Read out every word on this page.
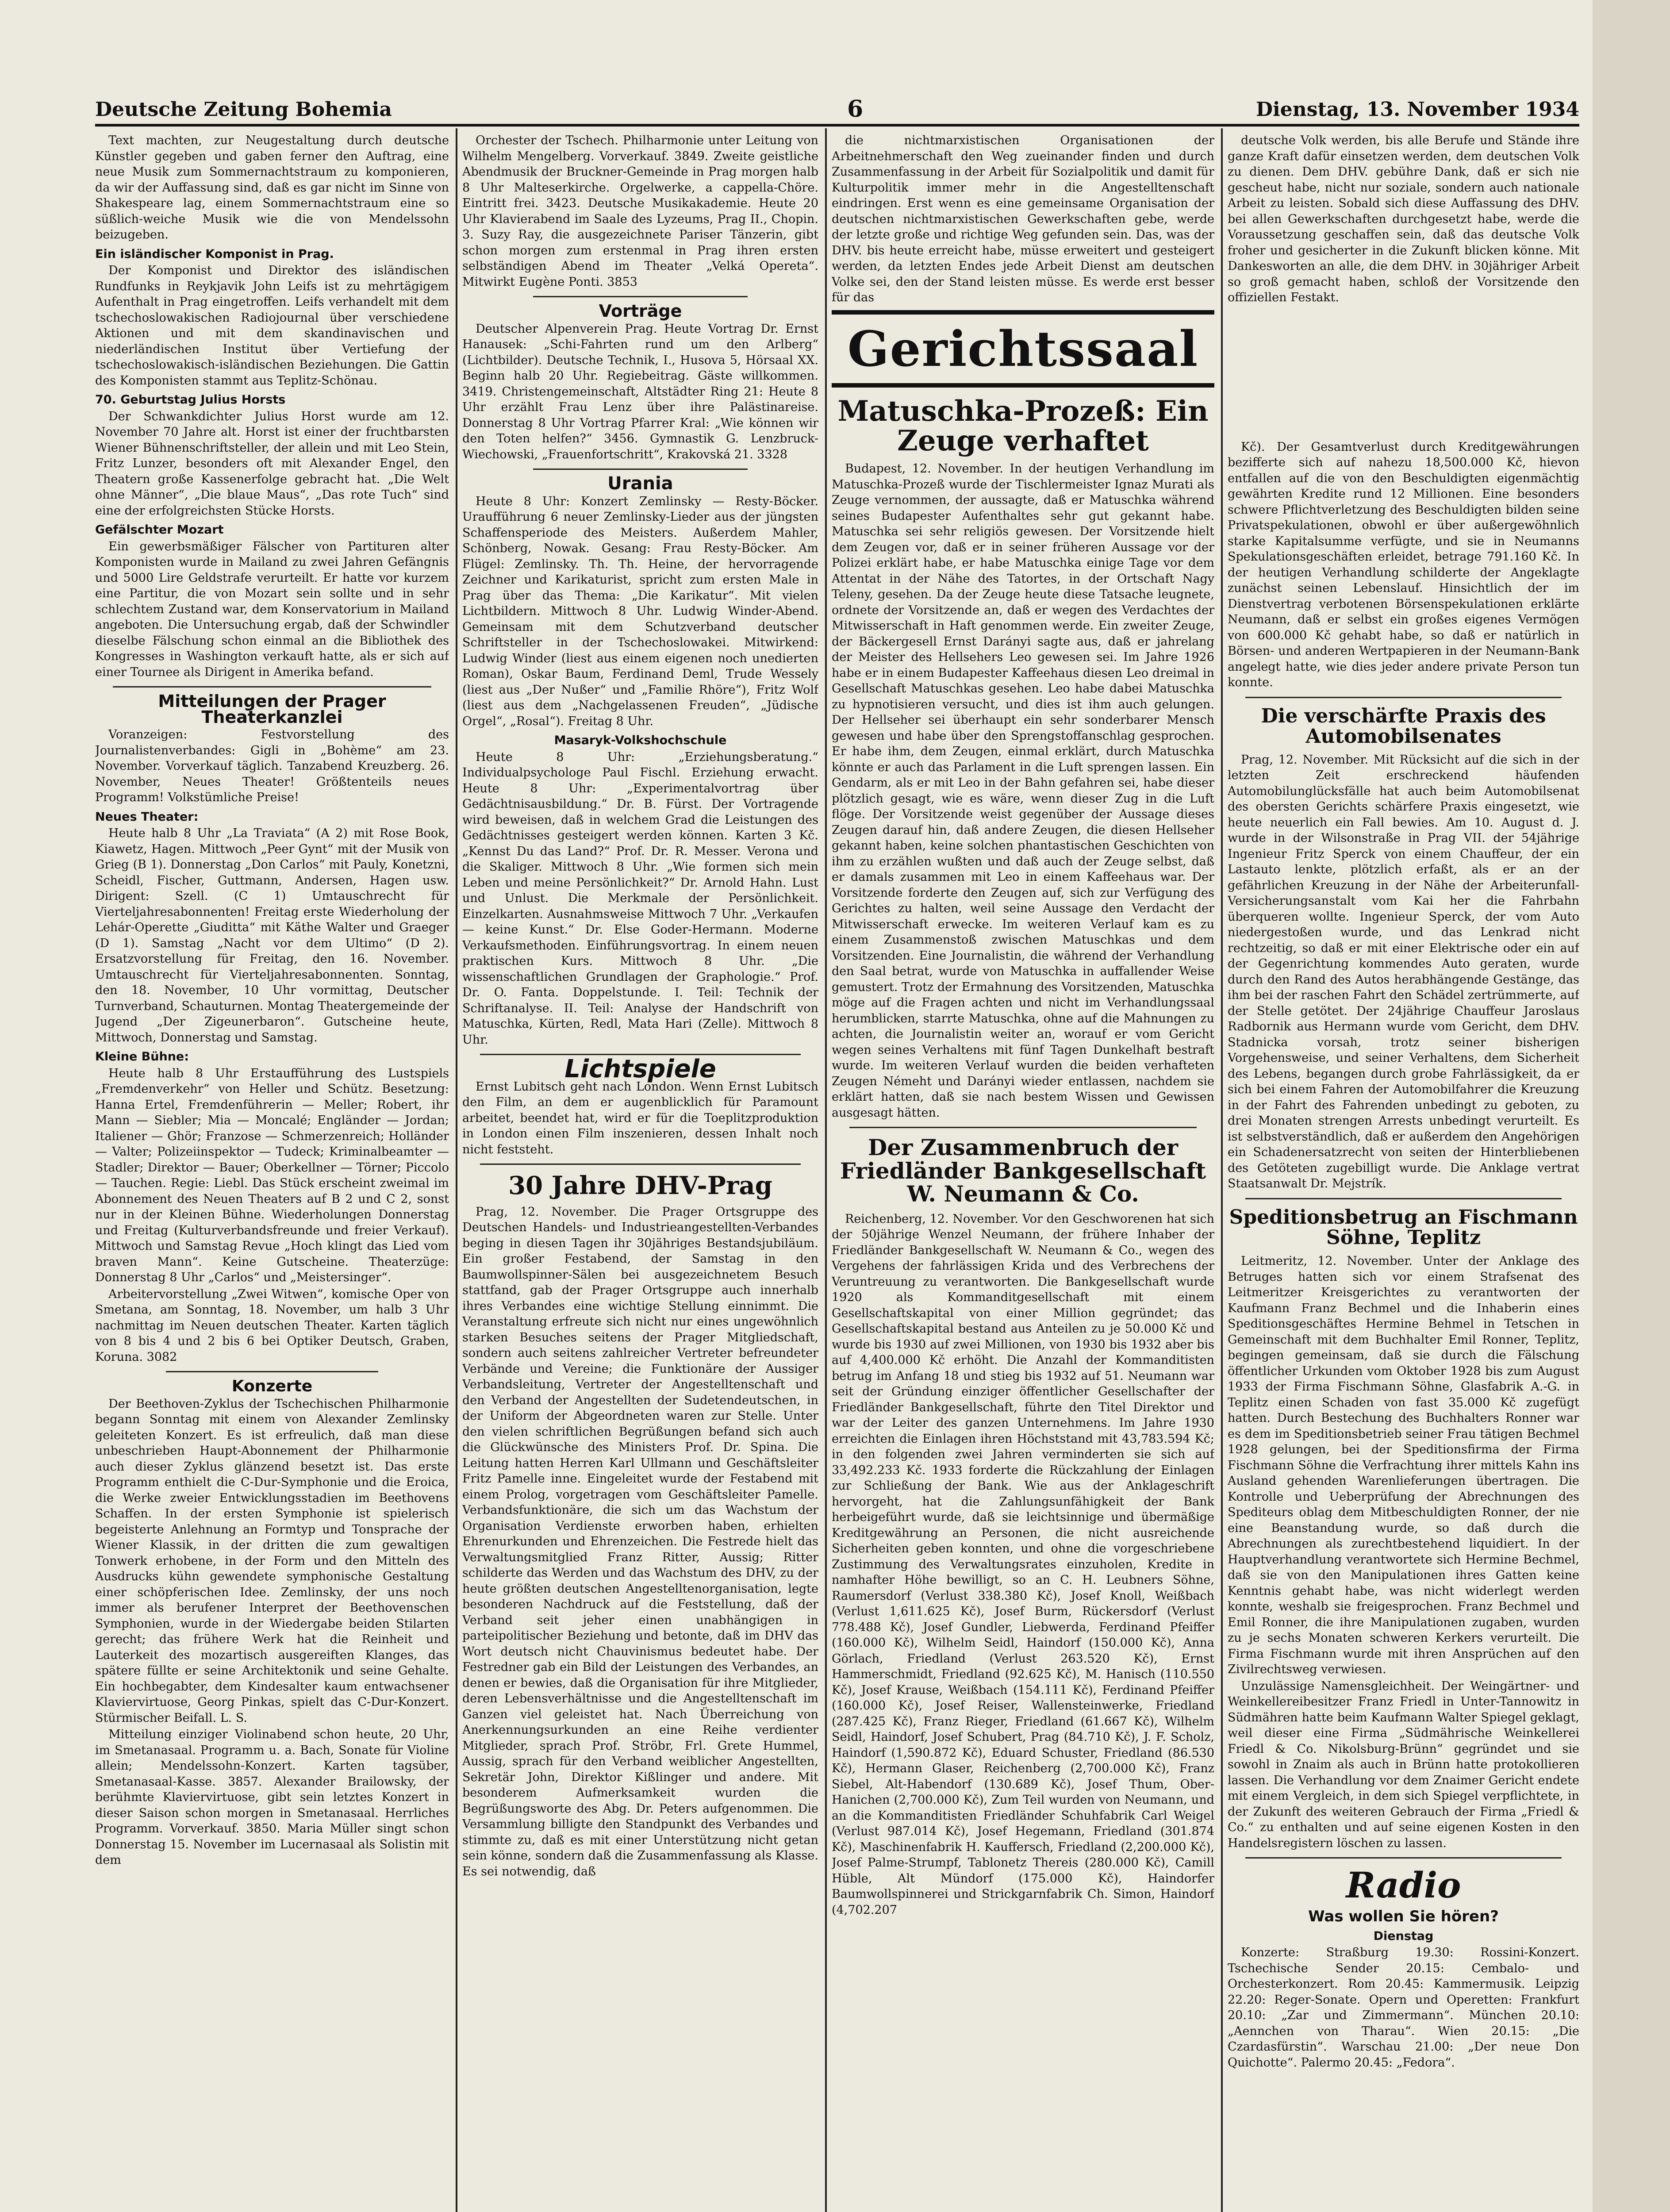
Deutsche Zeitung Bohemia	6	Dienstag, 13. November 1934

Text machten, zur Neugestaltung durch deutsche Künstler gegeben und gaben ferner den Auftrag, eine neue Musik zum Sommernachtstraum zu komponieren, da wir der Auffassung sind, daß es gar nicht im Sinne von Shakespeare lag, einem Sommernachtstraum eine so süßlich-weiche Musik wie die von Mendelssohn beizugeben.

Ein isländischer Komponist in Prag.

Der Komponist und Direktor des isländischen Rundfunks in Reykjavik John Leifs ist zu mehrtägigem Aufenthalt in Prag eingetroffen. Leifs verhandelt mit dem tschechoslowakischen Radiojournal über verschiedene Aktionen und mit dem skandinavischen und niederländischen Institut über Vertiefung der tschechoslowakisch-isländischen Beziehungen. Die Gattin des Komponisten stammt aus Teplitz-Schönau.

70. Geburtstag Julius Horsts

Der Schwankdichter Julius Horst wurde am 12. November 70 Jahre alt. Horst ist einer der fruchtbarsten Wiener Bühnenschriftsteller, der allein und mit Leo Stein, Fritz Lunzer, besonders oft mit Alexander Engel, den Theatern große Kassenerfolge gebracht hat. „Die Welt ohne Männer“, „Die blaue Maus“, „Das rote Tuch“ sind eine der erfolgreichsten Stücke Horsts.

Gefälschter Mozart

Ein gewerbsmäßiger Fälscher von Partituren alter Komponisten wurde in Mailand zu zwei Jahren Gefängnis und 5000 Lire Geldstrafe verurteilt. Er hatte vor kurzem eine Partitur, die von Mozart sein sollte und in sehr schlechtem Zustand war, dem Konservatorium in Mailand angeboten. Die Untersuchung ergab, daß der Schwindler dieselbe Fälschung schon einmal an die Bibliothek des Kongresses in Washington verkauft hatte, als er sich auf einer Tournee als Dirigent in Amerika befand.

Mitteilungen der Prager Theaterkanzlei

Voranzeigen: Festvorstellung des Journalistenverbandes: Gigli in „Bohème“ am 23. November. Vorverkauf täglich. Tanzabend Kreuzberg. 26. November, Neues Theater! Größtenteils neues Programm! Volkstümliche Preise!

Neues Theater:

Heute halb 8 Uhr „La Traviata“ (A 2) mit Rose Book, Kiawetz, Hagen. Mittwoch „Peer Gynt“ mit der Musik von Grieg (B 1). Donnerstag „Don Carlos“ mit Pauly, Konetzni, Scheidl, Fischer, Guttmann, Andersen, Hagen usw. Dirigent: Szell. (C 1) Umtauschrecht für Vierteljahresabonnenten! Freitag erste Wiederholung der Lehár-Operette „Giuditta“ mit Käthe Walter und Graeger (D 1). Samstag „Nacht vor dem Ultimo“ (D 2). Ersatzvorstellung für Freitag, den 16. November. Umtauschrecht für Vierteljahresabonnenten. Sonntag, den 18. November, 10 Uhr vormittag, Deutscher Turnverband, Schauturnen. Montag Theatergemeinde der Jugend „Der Zigeunerbaron“. Gutscheine heute, Mittwoch, Donnerstag und Samstag.

Kleine Bühne:

Heute halb 8 Uhr Erstaufführung des Lustspiels „Fremdenverkehr“ von Heller und Schütz. Besetzung: Hanna Ertel, Fremdenführerin — Meller; Robert, ihr Mann — Siebler; Mia — Moncalé; Engländer — Jordan; Italiener — Ghör; Franzose — Schmerzenreich; Holländer — Valter; Polizeiinspektor — Tudeck; Kriminalbeamter — Stadler; Direktor — Bauer; Oberkellner — Törner; Piccolo — Tauchen. Regie: Liebl. Das Stück erscheint zweimal im Abonnement des Neuen Theaters auf B 2 und C 2, sonst nur in der Kleinen Bühne. Wiederholungen Donnerstag und Freitag (Kulturverbandsfreunde und freier Verkauf). Mittwoch und Samstag Revue „Hoch klingt das Lied vom braven Mann“. Keine Gutscheine. Theaterzüge: Donnerstag 8 Uhr „Carlos“ und „Meistersinger“.

Arbeitervorstellung „Zwei Witwen“, komische Oper von Smetana, am Sonntag, 18. November, um halb 3 Uhr nachmittag im Neuen deutschen Theater. Karten täglich von 8 bis 4 und 2 bis 6 bei Optiker Deutsch, Graben, Koruna. 3082

Konzerte

Der Beethoven-Zyklus der Tschechischen Philharmonie begann Sonntag mit einem von Alexander Zemlinsky geleiteten Konzert. Es ist erfreulich, daß man diese unbeschrieben Haupt-Abonnement der Philharmonie auch dieser Zyklus glänzend besetzt ist. Das erste Programm enthielt die C-Dur-Symphonie und die Eroica, die Werke zweier Entwicklungsstadien im Beethovens Schaffen. In der ersten Symphonie ist spielerisch begeisterte Anlehnung an Formtyp und Tonsprache der Wiener Klassik, in der dritten die zum gewaltigen Tonwerk erhobene, in der Form und den Mitteln des Ausdrucks kühn gewendete symphonische Gestaltung einer schöpferischen Idee. Zemlinsky, der uns noch immer als berufener Interpret der Beethovenschen Symphonien, wurde in der Wiedergabe beiden Stilarten gerecht; das frühere Werk hat die Reinheit und Lauterkeit des mozartisch ausgereiften Klanges, das spätere füllte er seine Architektonik und seine Gehalte. Ein hochbegabter, dem Kindesalter kaum entwachsener Klaviervirtuose, Georg Pinkas, spielt das C-Dur-Konzert. Stürmischer Beifall. L. S.

Mitteilung einziger Violinabend schon heute, 20 Uhr, im Smetanasaal. Programm u. a. Bach, Sonate für Violine allein; Mendelssohn-Konzert. Karten tagsüber, Smetanasaal-Kasse. 3857. Alexander Brailowsky, der berühmte Klaviervirtuose, gibt sein letztes Konzert in dieser Saison schon morgen in Smetanasaal. Herrliches Programm. Vorverkauf. 3850. Maria Müller singt schon Donnerstag 15. November im Lucernasaal als Solistin mit dem

Orchester der Tschech. Philharmonie unter Leitung von Wilhelm Mengelberg. Vorverkauf. 3849. Zweite geistliche Abendmusik der Bruckner-Gemeinde in Prag morgen halb 8 Uhr Malteserkirche. Orgelwerke, a cappella-Chöre. Eintritt frei. 3423. Deutsche Musikakademie. Heute 20 Uhr Klavierabend im Saale des Lyzeums, Prag II., Chopin. 3. Suzy Ray, die ausgezeichnete Pariser Tänzerin, gibt schon morgen zum erstenmal in Prag ihren ersten selbständigen Abend im Theater „Velká Opereta“. Mitwirkt Eugène Ponti. 3853

Vorträge

Deutscher Alpenverein Prag. Heute Vortrag Dr. Ernst Hanausek: „Schi-Fahrten rund um den Arlberg“ (Lichtbilder). Deutsche Technik, I., Husova 5, Hörsaal XX. Beginn halb 20 Uhr. Regiebeitrag. Gäste willkommen. 3419. Christengemeinschaft, Altstädter Ring 21: Heute 8 Uhr erzählt Frau Lenz über ihre Palästinareise. Donnerstag 8 Uhr Vortrag Pfarrer Kral: „Wie können wir den Toten helfen?“ 3456. Gymnastik G. Lenzbruck-Wiechowski, „Frauenfortschritt“, Krakovská 21. 3328

Urania

Heute 8 Uhr: Konzert Zemlinsky — Resty-Böcker. Uraufführung 6 neuer Zemlinsky-Lieder aus der jüngsten Schaffensperiode des Meisters. Außerdem Mahler, Schönberg, Nowak. Gesang: Frau Resty-Böcker. Am Flügel: Zemlinsky. Th. Th. Heine, der hervorragende Zeichner und Karikaturist, spricht zum ersten Male in Prag über das Thema: „Die Karikatur“. Mit vielen Lichtbildern. Mittwoch 8 Uhr. Ludwig Winder-Abend. Gemeinsam mit dem Schutzverband deutscher Schriftsteller in der Tschechoslowakei. Mitwirkend: Ludwig Winder (liest aus einem eigenen noch unedierten Roman), Oskar Baum, Ferdinand Deml, Trude Wessely (liest aus „Der Nußer“ und „Familie Rhöre“), Fritz Wolf (liest aus dem „Nachgelassenen Freuden“, „Jüdische Orgel“, „Rosal“). Freitag 8 Uhr.

Masaryk-Volkshochschule

Heute 8 Uhr: „Erziehungsberatung.“ Individualpsychologe Paul Fischl. Erziehung erwacht. Heute 8 Uhr: „Experimentalvortrag über Gedächtnisausbildung.“ Dr. B. Fürst. Der Vortragende wird beweisen, daß in welchem Grad die Leistungen des Gedächtnisses gesteigert werden können. Karten 3 Kč. „Kennst Du das Land?“ Prof. Dr. R. Messer. Verona und die Skaliger. Mittwoch 8 Uhr. „Wie formen sich mein Leben und meine Persönlichkeit?“ Dr. Arnold Hahn. Lust und Unlust. Die Merkmale der Persönlichkeit. Einzelkarten. Ausnahmsweise Mittwoch 7 Uhr. „Verkaufen — keine Kunst.“ Dr. Else Goder-Hermann. Moderne Verkaufsmethoden. Einführungsvortrag. In einem neuen praktischen Kurs. Mittwoch 8 Uhr. „Die wissenschaftlichen Grundlagen der Graphologie.“ Prof. Dr. O. Fanta. Doppelstunde. I. Teil: Technik der Schriftanalyse. II. Teil: Analyse der Handschrift von Matuschka, Kürten, Redl, Mata Hari (Zelle). Mittwoch 8 Uhr.

Lichtspiele

Ernst Lubitsch geht nach London. Wenn Ernst Lubitsch den Film, an dem er augenblicklich für Paramount arbeitet, beendet hat, wird er für die Toeplitzproduktion in London einen Film inszenieren, dessen Inhalt noch nicht feststeht.

30 Jahre DHV-Prag

Prag, 12. November. Die Prager Ortsgruppe des Deutschen Handels- und Industrieangestellten-Verbandes beging in diesen Tagen ihr 30jähriges Bestandsjubiläum. Ein großer Festabend, der Samstag in den Baumwollspinner-Sälen bei ausgezeichnetem Besuch stattfand, gab der Prager Ortsgruppe auch innerhalb ihres Verbandes eine wichtige Stellung einnimmt. Die Veranstaltung erfreute sich nicht nur eines ungewöhnlich starken Besuches seitens der Prager Mitgliedschaft, sondern auch seitens zahlreicher Vertreter befreundeter Verbände und Vereine; die Funktionäre der Aussiger Verbandsleitung, Vertreter der Angestelltenschaft und den Verband der Angestellten der Sudetendeutschen, in der Uniform der Abgeordneten waren zur Stelle. Unter den vielen schriftlichen Begrüßungen befand sich auch die Glückwünsche des Ministers Prof. Dr. Spina. Die Leitung hatten Herren Karl Ullmann und Geschäftsleiter Fritz Pamelle inne. Eingeleitet wurde der Festabend mit einem Prolog, vorgetragen vom Geschäftsleiter Pamelle. Verbandsfunktionäre, die sich um das Wachstum der Organisation Verdienste erworben haben, erhielten Ehrenurkunden und Ehrenzeichen. Die Festrede hielt das Verwaltungsmitglied Franz Ritter, Aussig; Ritter schilderte das Werden und das Wachstum des DHV, zu der heute größten deutschen Angestelltenorganisation, legte besonderen Nachdruck auf die Feststellung, daß der Verband seit jeher einen unabhängigen in parteipolitischer Beziehung und betonte, daß im DHV das Wort deutsch nicht Chauvinismus bedeutet habe. Der Festredner gab ein Bild der Leistungen des Verbandes, an denen er bewies, daß die Organisation für ihre Mitglieder, deren Lebensverhältnisse und die Angestelltenschaft im Ganzen viel geleistet hat. Nach Überreichung von Anerkennungsurkunden an eine Reihe verdienter Mitglieder, sprach Prof. Ströbr, Frl. Grete Hummel, Aussig, sprach für den Verband weiblicher Angestellten, Sekretär John, Direktor Kißlinger und andere. Mit besonderem Aufmerksamkeit wurden die Begrüßungsworte des Abg. Dr. Peters aufgenommen. Die Versammlung billigte den Standpunkt des Verbandes und stimmte zu, daß es mit einer Unterstützung nicht getan sein könne, sondern daß die Zusammenfassung als Klasse. Es sei notwendig, daß

die nichtmarxistischen Organisationen der Arbeitnehmerschaft den Weg zueinander finden und durch Zusammenfassung in der Arbeit für Sozialpolitik und damit für Kulturpolitik immer mehr in die Angestelltenschaft eindringen. Erst wenn es eine gemeinsame Organisation der deutschen nichtmarxistischen Gewerkschaften gebe, werde der letzte große und richtige Weg gefunden sein. Das, was der DHV. bis heute erreicht habe, müsse erweitert und gesteigert werden, da letzten Endes jede Arbeit Dienst am deutschen Volke sei, den der Stand leisten müsse. Es werde erst besser für das

Gerichtssaal
Matuschka-Prozeß: Ein Zeuge verhaftet

Budapest, 12. November. In der heutigen Verhandlung im Matuschka-Prozeß wurde der Tischlermeister Ignaz Murati als Zeuge vernommen, der aussagte, daß er Matuschka während seines Budapester Aufenthaltes sehr gut gekannt habe. Matuschka sei sehr religiös gewesen. Der Vorsitzende hielt dem Zeugen vor, daß er in seiner früheren Aussage vor der Polizei erklärt habe, er habe Matuschka einige Tage vor dem Attentat in der Nähe des Tatortes, in der Ortschaft Nagy Teleny, gesehen. Da der Zeuge heute diese Tatsache leugnete, ordnete der Vorsitzende an, daß er wegen des Verdachtes der Mitwisserschaft in Haft genommen werde. Ein zweiter Zeuge, der Bäckergesell Ernst Darányi sagte aus, daß er jahrelang der Meister des Hellsehers Leo gewesen sei. Im Jahre 1926 habe er in einem Budapester Kaffeehaus diesen Leo dreimal in Gesellschaft Matuschkas gesehen. Leo habe dabei Matuschka zu hypnotisieren versucht, und dies ist ihm auch gelungen. Der Hellseher sei überhaupt ein sehr sonderbarer Mensch gewesen und habe über den Sprengstoffanschlag gesprochen. Er habe ihm, dem Zeugen, einmal erklärt, durch Matuschka könnte er auch das Parlament in die Luft sprengen lassen. Ein Gendarm, als er mit Leo in der Bahn gefahren sei, habe dieser plötzlich gesagt, wie es wäre, wenn dieser Zug in die Luft flöge. Der Vorsitzende weist gegenüber der Aussage dieses Zeugen darauf hin, daß andere Zeugen, die diesen Hellseher gekannt haben, keine solchen phantastischen Geschichten von ihm zu erzählen wußten und daß auch der Zeuge selbst, daß er damals zusammen mit Leo in einem Kaffeehaus war. Der Vorsitzende forderte den Zeugen auf, sich zur Verfügung des Gerichtes zu halten, weil seine Aussage den Verdacht der Mitwisserschaft erwecke. Im weiteren Verlauf kam es zu einem Zusammenstoß zwischen Matuschkas und dem Vorsitzenden. Eine Journalistin, die während der Verhandlung den Saal betrat, wurde von Matuschka in auffallender Weise gemustert. Trotz der Ermahnung des Vorsitzenden, Matuschka möge auf die Fragen achten und nicht im Verhandlungssaal herumblicken, starrte Matuschka, ohne auf die Mahnungen zu achten, die Journalistin weiter an, worauf er vom Gericht wegen seines Verhaltens mit fünf Tagen Dunkelhaft bestraft wurde. Im weiteren Verlauf wurden die beiden verhafteten Zeugen Némeht und Darányi wieder entlassen, nachdem sie erklärt hatten, daß sie nach bestem Wissen und Gewissen ausgesagt hätten.

Der Zusammenbruch der Friedländer Bankgesellschaft W. Neumann & Co.

Reichenberg, 12. November. Vor den Geschworenen hat sich der 50jährige Wenzel Neumann, der frühere Inhaber der Friedländer Bankgesellschaft W. Neumann & Co., wegen des Vergehens der fahrlässigen Krida und des Verbrechens der Veruntreuung zu verantworten. Die Bankgesellschaft wurde 1920 als Kommanditgesellschaft mit einem Gesellschaftskapital von einer Million gegründet; das Gesellschaftskapital bestand aus Anteilen zu je 50.000 Kč und wurde bis 1930 auf zwei Millionen, von 1930 bis 1932 aber bis auf 4,400.000 Kč erhöht. Die Anzahl der Kommanditisten betrug im Anfang 18 und stieg bis 1932 auf 51. Neumann war seit der Gründung einziger öffentlicher Gesellschafter der Friedländer Bankgesellschaft, führte den Titel Direktor und war der Leiter des ganzen Unternehmens. Im Jahre 1930 erreichten die Einlagen ihren Höchststand mit 43,783.594 Kč; in den folgenden zwei Jahren verminderten sie sich auf 33,492.233 Kč. 1933 forderte die Rückzahlung der Einlagen zur Schließung der Bank. Wie aus der Anklageschrift hervorgeht, hat die Zahlungsunfähigkeit der Bank herbeigeführt wurde, daß sie leichtsinnige und übermäßige Kreditgewährung an Personen, die nicht ausreichende Sicherheiten geben konnten, und ohne die vorgeschriebene Zustimmung des Verwaltungsrates einzuholen, Kredite in namhafter Höhe bewilligt, so an C. H. Leubners Söhne, Raumersdorf (Verlust 338.380 Kč), Josef Knoll, Weißbach (Verlust 1,611.625 Kč), Josef Burm, Rückersdorf (Verlust 778.488 Kč), Josef Gundler, Liebwerda, Ferdinand Pfeiffer (160.000 Kč), Wilhelm Seidl, Haindorf (150.000 Kč), Anna Görlach, Friedland (Verlust 263.520 Kč), Ernst Hammerschmidt, Friedland (92.625 Kč), M. Hanisch (110.550 Kč), Josef Krause, Weißbach (154.111 Kč), Ferdinand Pfeiffer (160.000 Kč), Josef Reiser, Wallensteinwerke, Friedland (287.425 Kč), Franz Rieger, Friedland (61.667 Kč), Wilhelm Seidl, Haindorf, Josef Schubert, Prag (84.710 Kč), J. F. Scholz, Haindorf (1,590.872 Kč), Eduard Schuster, Friedland (86.530 Kč), Hermann Glaser, Reichenberg (2,700.000 Kč), Franz Siebel, Alt-Habendorf (130.689 Kč), Josef Thum, Ober-Hanichen (2,700.000 Kč), Zum Teil wurden von Neumann, und an die Kommanditisten Friedländer Schuhfabrik Carl Weigel (Verlust 987.014 Kč), Josef Hegemann, Friedland (301.874 Kč), Maschinenfabrik H. Kauffersch, Friedland (2,200.000 Kč), Josef Palme-Strumpf, Tablonetz Thereis (280.000 Kč), Camill Hüble, Alt Mündorf (175.000 Kč), Haindorfer Baumwollspinnerei und Strickgarnfabrik Ch. Simon, Haindorf (4,702.207

deutsche Volk werden, bis alle Berufe und Stände ihre ganze Kraft dafür einsetzen werden, dem deutschen Volk zu dienen. Dem DHV. gebühre Dank, daß er sich nie gescheut habe, nicht nur soziale, sondern auch nationale Arbeit zu leisten. Sobald sich diese Auffassung des DHV. bei allen Gewerkschaften durchgesetzt habe, werde die Voraussetzung geschaffen sein, daß das deutsche Volk froher und gesicherter in die Zukunft blicken könne. Mit Dankesworten an alle, die dem DHV. in 30jähriger Arbeit so groß gemacht haben, schloß der Vorsitzende den offiziellen Festakt.

Kč). Der Gesamtverlust durch Kreditgewährungen bezifferte sich auf nahezu 18,500.000 Kč, hievon entfallen auf die von den Beschuldigten eigenmächtig gewährten Kredite rund 12 Millionen. Eine besonders schwere Pflichtverletzung des Beschuldigten bilden seine Privatspekulationen, obwohl er über außergewöhnlich starke Kapitalsumme verfügte, und sie in Neumanns Spekulationsgeschäften erleidet, betrage 791.160 Kč. In der heutigen Verhandlung schilderte der Angeklagte zunächst seinen Lebenslauf. Hinsichtlich der im Dienstvertrag verbotenen Börsenspekulationen erklärte Neumann, daß er selbst ein großes eigenes Vermögen von 600.000 Kč gehabt habe, so daß er natürlich in Börsen- und anderen Wertpapieren in der Neumann-Bank angelegt hatte, wie dies jeder andere private Person tun konnte.

Die verschärfte Praxis des Automobilsenates

Prag, 12. November. Mit Rücksicht auf die sich in der letzten Zeit erschreckend häufenden Automobilunglücksfälle hat auch beim Automobilsenat des obersten Gerichts schärfere Praxis eingesetzt, wie heute neuerlich ein Fall bewies. Am 10. August d. J. wurde in der Wilsonstraße in Prag VII. der 54jährige Ingenieur Fritz Sperck von einem Chauffeur, der ein Lastauto lenkte, plötzlich erfaßt, als er an der gefährlichen Kreuzung in der Nähe der Arbeiterunfall-Versicherungsanstalt vom Kai her die Fahrbahn überqueren wollte. Ingenieur Sperck, der vom Auto niedergestoßen wurde, und das Lenkrad nicht rechtzeitig, so daß er mit einer Elektrische oder ein auf der Gegenrichtung kommendes Auto geraten, wurde durch den Rand des Autos herabhängende Gestänge, das ihm bei der raschen Fahrt den Schädel zertrümmerte, auf der Stelle getötet. Der 24jährige Chauffeur Jaroslaus Radbornik aus Hermann wurde vom Gericht, dem DHV. Stadnicka vorsah, trotz seiner bisherigen Vorgehensweise, und seiner Verhaltens, dem Sicherheit des Lebens, begangen durch grobe Fahrlässigkeit, da er sich bei einem Fahren der Automobilfahrer die Kreuzung in der Fahrt des Fahrenden unbedingt zu geboten, zu drei Monaten strengen Arrests unbedingt verurteilt. Es ist selbstverständlich, daß er außerdem den Angehörigen ein Schadenersatzrecht von seiten der Hinterbliebenen des Getöteten zugebilligt wurde. Die Anklage vertrat Staatsanwalt Dr. Mejstrík.

Speditionsbetrug an Fischmann Söhne, Teplitz

Leitmeritz, 12. November. Unter der Anklage des Betruges hatten sich vor einem Strafsenat des Leitmeritzer Kreisgerichtes zu verantworten der Kaufmann Franz Bechmel und die Inhaberin eines Speditionsgeschäftes Hermine Behmel in Tetschen in Gemeinschaft mit dem Buchhalter Emil Ronner, Teplitz, begingen gemeinsam, daß sie durch die Fälschung öffentlicher Urkunden vom Oktober 1928 bis zum August 1933 der Firma Fischmann Söhne, Glasfabrik A.-G. in Teplitz einen Schaden von fast 35.000 Kč zugefügt hatten. Durch Bestechung des Buchhalters Ronner war es dem im Speditionsbetrieb seiner Frau tätigen Bechmel 1928 gelungen, bei der Speditionsfirma der Firma Fischmann Söhne die Verfrachtung ihrer mittels Kahn ins Ausland gehenden Warenlieferungen übertragen. Die Kontrolle und Ueberprüfung der Abrechnungen des Spediteurs oblag dem Mitbeschuldigten Ronner, der nie eine Beanstandung wurde, so daß durch die Abrechnungen als zurechtbestehend liquidiert. In der Hauptverhandlung verantwortete sich Hermine Bechmel, daß sie von den Manipulationen ihres Gatten keine Kenntnis gehabt habe, was nicht widerlegt werden konnte, weshalb sie freigesprochen. Franz Bechmel und Emil Ronner, die ihre Manipulationen zugaben, wurden zu je sechs Monaten schweren Kerkers verurteilt. Die Firma Fischmann wurde mit ihren Ansprüchen auf den Zivilrechtsweg verwiesen.

Unzulässige Namensgleichheit. Der Weingärtner- und Weinkellereibesitzer Franz Friedl in Unter-Tannowitz in Südmähren hatte beim Kaufmann Walter Spiegel geklagt, weil dieser eine Firma „Südmährische Weinkellerei Friedl & Co. Nikolsburg-Brünn“ gegründet und sie sowohl in Znaim als auch in Brünn hatte protokollieren lassen. Die Verhandlung vor dem Znaimer Gericht endete mit einem Vergleich, in dem sich Spiegel verpflichtete, in der Zukunft des weiteren Gebrauch der Firma „Friedl & Co.“ zu enthalten und auf seine eigenen Kosten in den Handelsregistern löschen zu lassen.

Radio
Was wollen Sie hören?
Dienstag

Konzerte: Straßburg 19.30: Rossini-Konzert. Tschechische Sender 20.15: Cembalo- und Orchesterkonzert. Rom 20.45: Kammermusik. Leipzig 22.20: Reger-Sonate. Opern und Operetten: Frankfurt 20.10: „Zar und Zimmermann“. München 20.10: „Aennchen von Tharau“. Wien 20.15: „Die Czardasfürstin“. Warschau 21.00: „Der neue Don Quichotte“. Palermo 20.45: „Fedora“.
